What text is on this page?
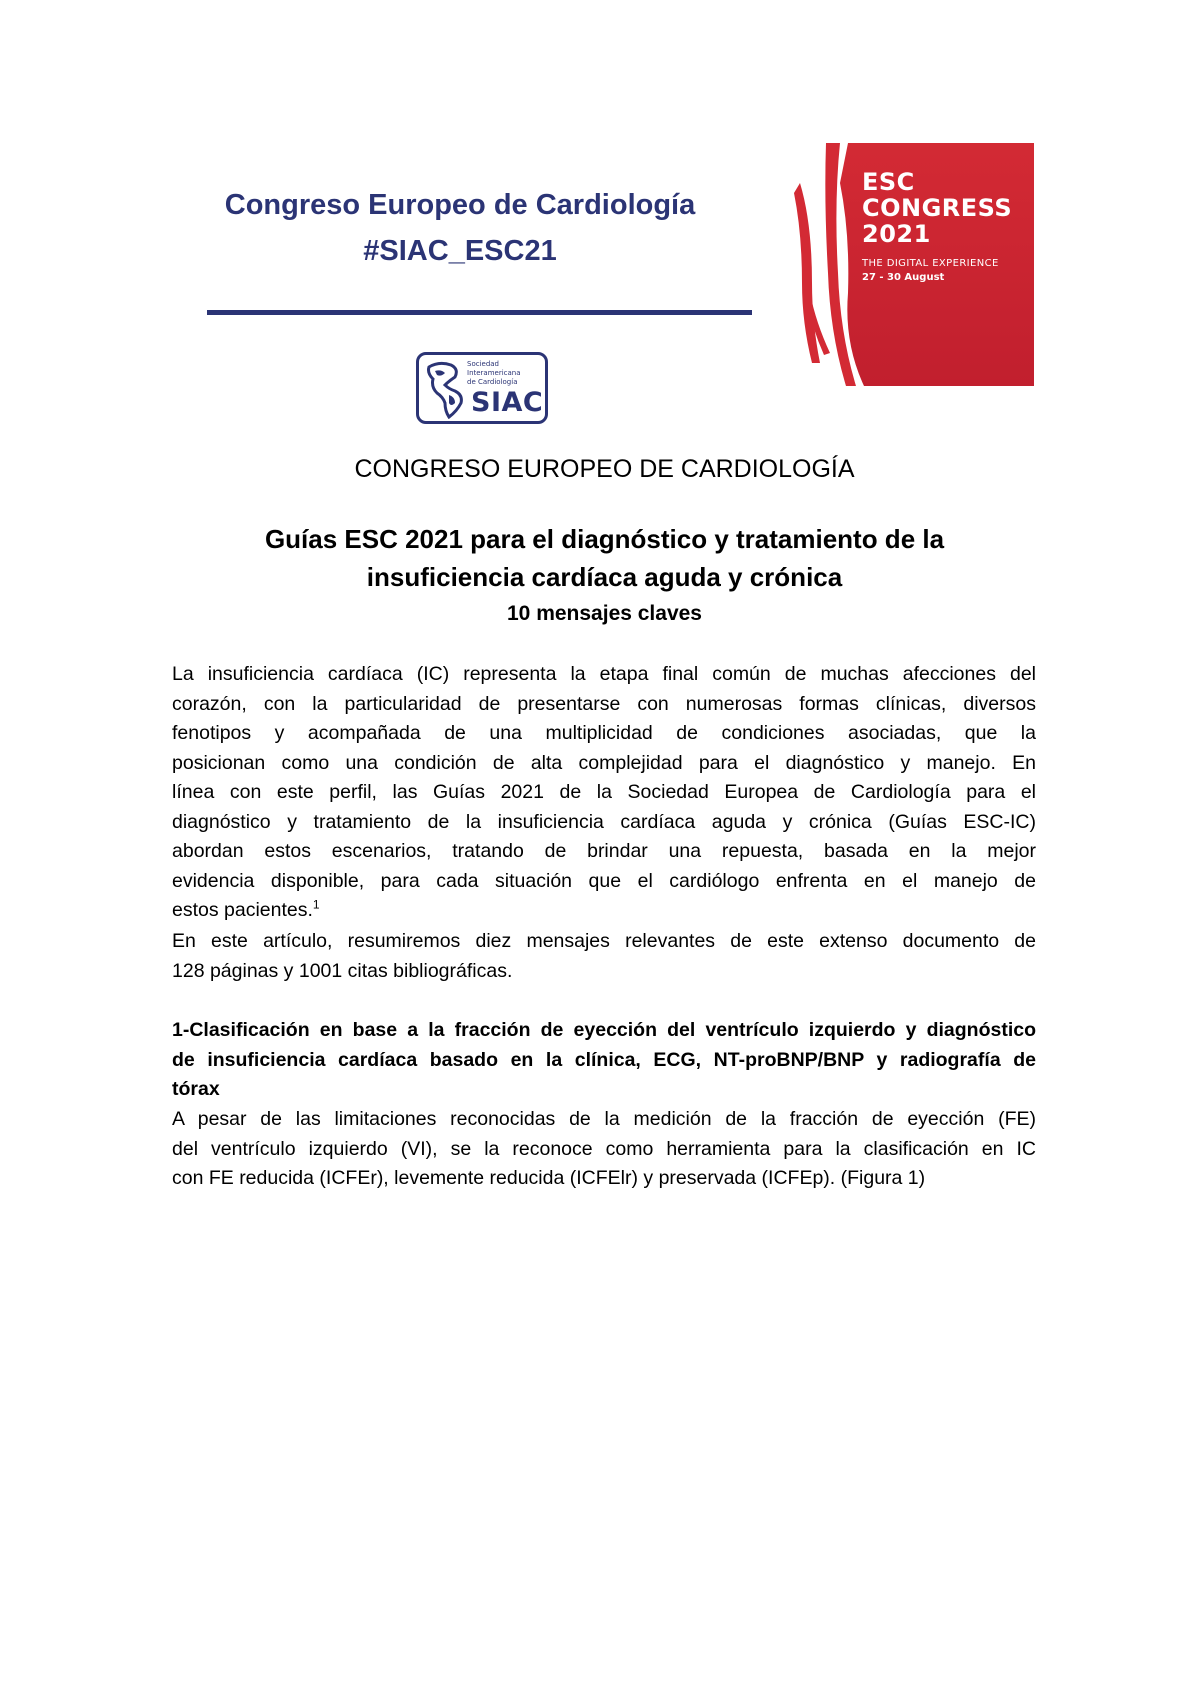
Congreso Europeo de Cardiología
#SIAC_ESC21
ESC
CONGRESS
2021
THE DIGITAL EXPERIENCE
27 - 30 August
Sociedad
Interamericana
de Cardiología
SIAC
CONGRESO EUROPEO DE CARDIOLOGÍA
Guías ESC 2021 para el diagnóstico y tratamiento de la
insuficiencia cardíaca aguda y crónica
10 mensajes claves
La insuficiencia cardíaca (IC) representa la etapa final común de muchas afecciones del
corazón, con la particularidad de presentarse con numerosas formas clínicas, diversos
fenotipos y acompañada de una multiplicidad de condiciones asociadas, que la
posicionan como una condición de alta complejidad para el diagnóstico y manejo. En
línea con este perfil, las Guías 2021 de la Sociedad Europea de Cardiología para el
diagnóstico y tratamiento de la insuficiencia cardíaca aguda y crónica (Guías ESC-IC)
abordan estos escenarios, tratando de brindar una repuesta, basada en la mejor
evidencia disponible, para cada situación que el cardiólogo enfrenta en el manejo de
estos pacientes.$^1$
En este artículo, resumiremos diez mensajes relevantes de este extenso documento de
128 páginas y 1001 citas bibliográficas.
1-Clasificación en base a la fracción de eyección del ventrículo izquierdo y diagnóstico
de insuficiencia cardíaca basado en la clínica, ECG, NT-proBNP/BNP y radiografía de
tórax
A pesar de las limitaciones reconocidas de la medición de la fracción de eyección (FE)
del ventrículo izquierdo (VI), se la reconoce como herramienta para la clasificación en IC
con FE reducida (ICFEr), levemente reducida (ICFElr) y preservada (ICFEp). (Figura 1)
